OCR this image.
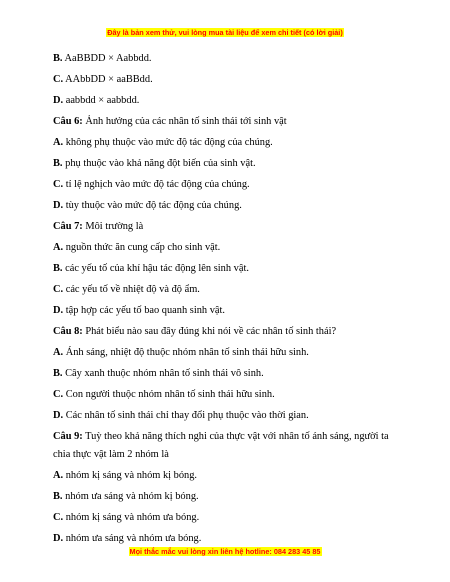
Đây là bản xem thử, vui lòng mua tài liệu để xem chi tiết (có lời giải)
B. AaBBDD × Aabbdd.
C. AAbbDD × aaBBdd.
D. aabbdd × aabbdd.
Câu 6: Ảnh hưởng của các nhân tố sinh thái tới sinh vật
A. không phụ thuộc vào mức độ tác động của chúng.
B. phụ thuộc vào khả năng đột biến của sinh vật.
C. tỉ lệ nghịch vào mức độ tác động của chúng.
D. tùy thuộc vào mức độ tác động của chúng.
Câu 7: Môi trường là
A. nguồn thức ăn cung cấp cho sinh vật.
B. các yếu tố của khí hậu tác động lên sinh vật.
C. các yếu tố về nhiệt độ và độ ẩm.
D. tập hợp các yếu tố bao quanh sinh vật.
Câu 8: Phát biểu nào sau đây đúng khi nói về các nhân tố sinh thái?
A. Ánh sáng, nhiệt độ thuộc nhóm nhân tố sinh thái hữu sinh.
B. Cây xanh thuộc nhóm nhân tố sinh thái vô sinh.
C. Con người thuộc nhóm nhân tố sinh thái hữu sinh.
D. Các nhân tố sinh thái chỉ thay đổi phụ thuộc vào thời gian.
Câu 9: Tuỳ theo khả năng thích nghi của thực vật với nhân tố ánh sáng, người ta
chia thực vật làm 2 nhóm là
A. nhóm kị sáng và nhóm kị bóng.
B. nhóm ưa sáng và nhóm kị bóng.
C. nhóm kị sáng và nhóm ưa bóng.
D. nhóm ưa sáng và nhóm ưa bóng.
Mọi thắc mắc vui lòng xin liên hệ hotline: 084 283 45 85
